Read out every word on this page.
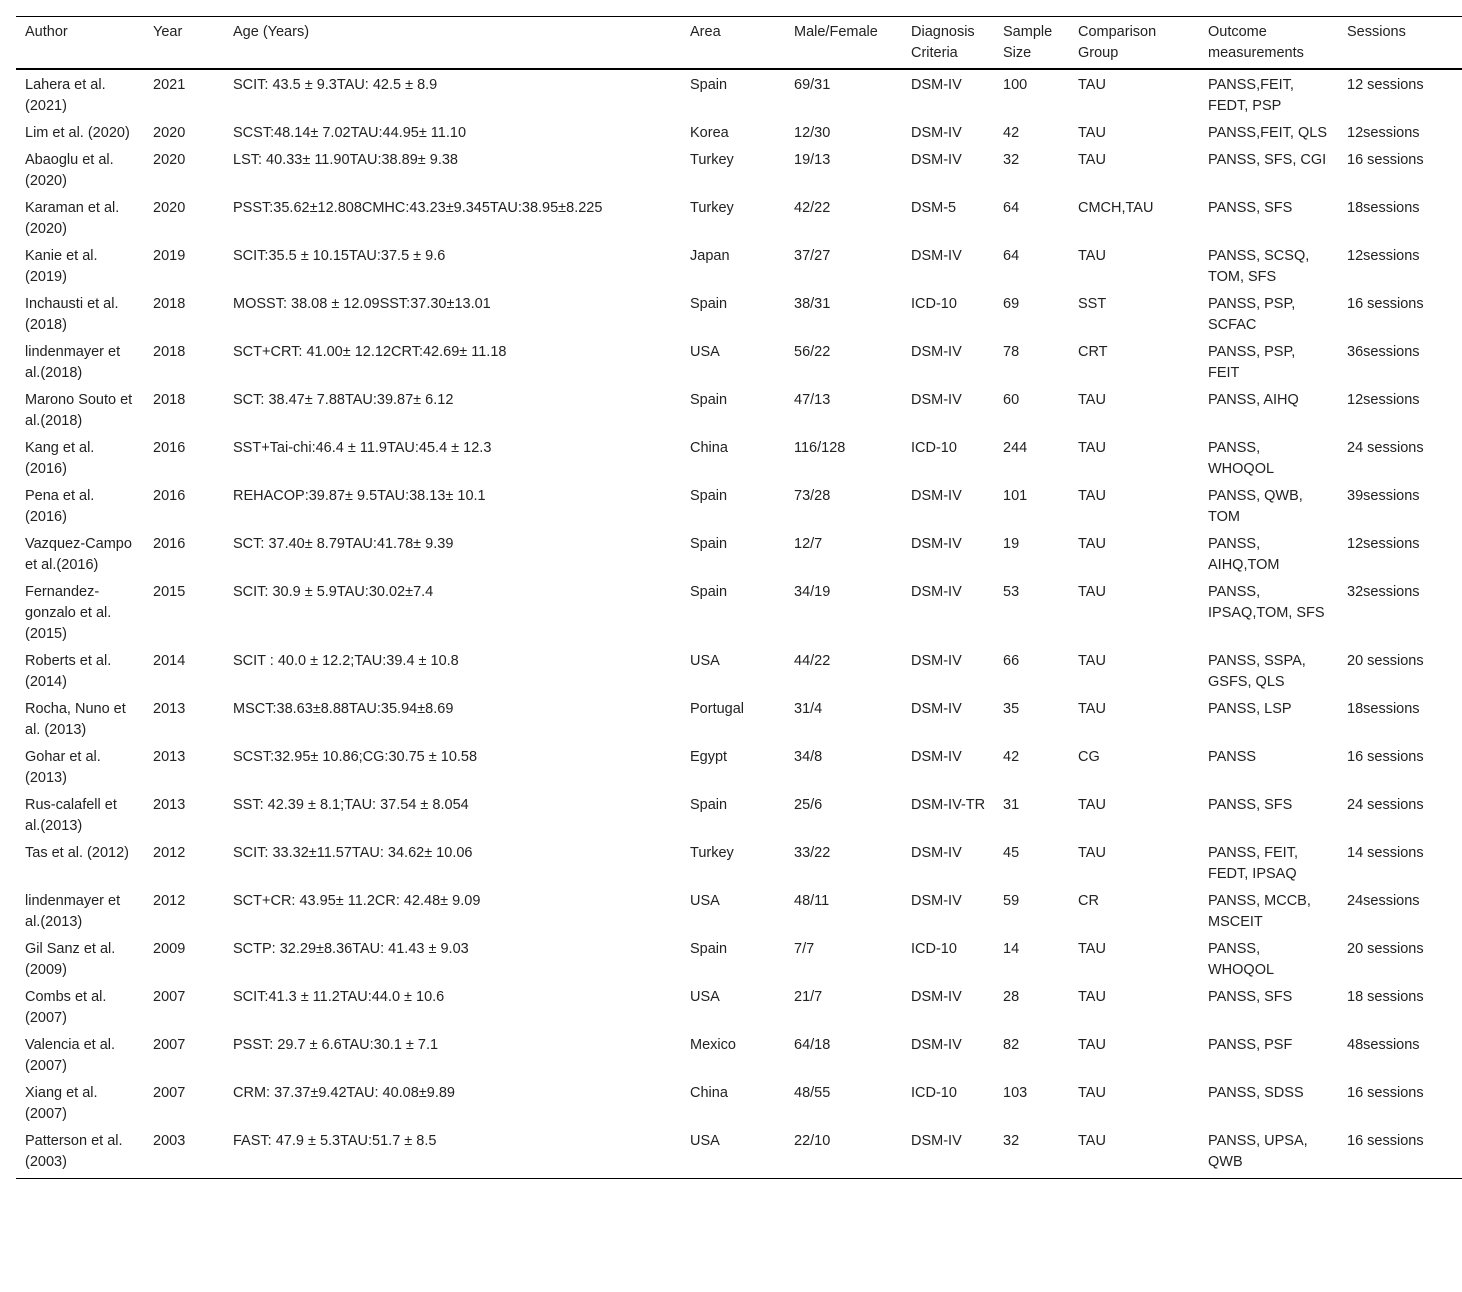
Author	Year	Age (Years)	Area	Male/Female	Diagnosis Criteria	Sample Size	Comparison Group	Outcome measurements	Sessions
Lahera et al. (2021)	2021	SCIT: 43.5 ± 9.3TAU: 42.5 ± 8.9	Spain	69/31	DSM-IV	100	TAU	PANSS,FEIT, FEDT, PSP	12 sessions
Lim et al. (2020)	2020	SCST:48.14± 7.02TAU:44.95± 11.10	Korea	12/30	DSM-IV	42	TAU	PANSS,FEIT, QLS	12sessions
Abaoglu et al.(2020)	2020	LST: 40.33± 11.90TAU:38.89± 9.38	Turkey	19/13	DSM-IV	32	TAU	PANSS, SFS, CGI	16 sessions
Karaman et al.(2020)	2020	PSST:35.62±12.808CMHC:43.23±9.345TAU:38.95±8.225	Turkey	42/22	DSM-5	64	CMCH,TAU	PANSS, SFS	18sessions
Kanie et al. (2019)	2019	SCIT:35.5 ± 10.15TAU:37.5 ± 9.6	Japan	37/27	DSM-IV	64	TAU	PANSS, SCSQ, TOM, SFS	12sessions
Inchausti et al.(2018)	2018	MOSST: 38.08 ± 12.09SST:37.30±13.01	Spain	38/31	ICD-10	69	SST	PANSS, PSP, SCFAC	16 sessions
lindenmayer et al.(2018)	2018	SCT+CRT: 41.00± 12.12CRT:42.69± 11.18	USA	56/22	DSM-IV	78	CRT	PANSS, PSP, FEIT	36sessions
Marono Souto et al.(2018)	2018	SCT: 38.47± 7.88TAU:39.87± 6.12	Spain	47/13	DSM-IV	60	TAU	PANSS, AIHQ	12sessions
Kang et al. (2016)	2016	SST+Tai-chi:46.4 ± 11.9TAU:45.4 ± 12.3	China	116/128	ICD-10	244	TAU	PANSS, WHOQOL	24 sessions
Pena et al. (2016)	2016	REHACOP:39.87± 9.5TAU:38.13± 10.1	Spain	73/28	DSM-IV	101	TAU	PANSS, QWB, TOM	39sessions
Vazquez-Campo et al.(2016)	2016	SCT: 37.40± 8.79TAU:41.78± 9.39	Spain	12/7	DSM-IV	19	TAU	PANSS, AIHQ,TOM	12sessions
Fernandez-gonzalo et al.(2015)	2015	SCIT: 30.9 ± 5.9TAU:30.02±7.4	Spain	34/19	DSM-IV	53	TAU	PANSS, IPSAQ,TOM, SFS	32sessions
Roberts et al.(2014)	2014	SCIT : 40.0 ± 12.2;TAU:39.4 ± 10.8	USA	44/22	DSM-IV	66	TAU	PANSS, SSPA, GSFS, QLS	20 sessions
Rocha, Nuno et al. (2013)	2013	MSCT:38.63±8.88TAU:35.94±8.69	Portugal	31/4	DSM-IV	35	TAU	PANSS, LSP	18sessions
Gohar et al. (2013)	2013	SCST:32.95± 10.86;CG:30.75 ± 10.58	Egypt	34/8	DSM-IV	42	CG	PANSS	16 sessions
Rus-calafell et al.(2013)	2013	SST: 42.39 ± 8.1;TAU: 37.54 ± 8.054	Spain	25/6	DSM-IV-TR	31	TAU	PANSS, SFS	24 sessions
Tas et al. (2012)	2012	SCIT: 33.32±11.57TAU: 34.62± 10.06	Turkey	33/22	DSM-IV	45	TAU	PANSS, FEIT, FEDT, IPSAQ	14 sessions
lindenmayer et al.(2013)	2012	SCT+CR: 43.95± 11.2CR: 42.48± 9.09	USA	48/11	DSM-IV	59	CR	PANSS, MCCB, MSCEIT	24sessions
Gil Sanz et al.(2009)	2009	SCTP: 32.29±8.36TAU: 41.43 ± 9.03	Spain	7/7	ICD-10	14	TAU	PANSS, WHOQOL	20 sessions
Combs et al.(2007)	2007	SCIT:41.3 ± 11.2TAU:44.0 ± 10.6	USA	21/7	DSM-IV	28	TAU	PANSS, SFS	18 sessions
Valencia et al.(2007)	2007	PSST: 29.7 ± 6.6TAU:30.1 ± 7.1	Mexico	64/18	DSM-IV	82	TAU	PANSS, PSF	48sessions
Xiang et al. (2007)	2007	CRM: 37.37±9.42TAU: 40.08±9.89	China	48/55	ICD-10	103	TAU	PANSS, SDSS	16 sessions
Patterson et al.(2003)	2003	FAST: 47.9 ± 5.3TAU:51.7 ± 8.5	USA	22/10	DSM-IV	32	TAU	PANSS, UPSA, QWB	16 sessions
